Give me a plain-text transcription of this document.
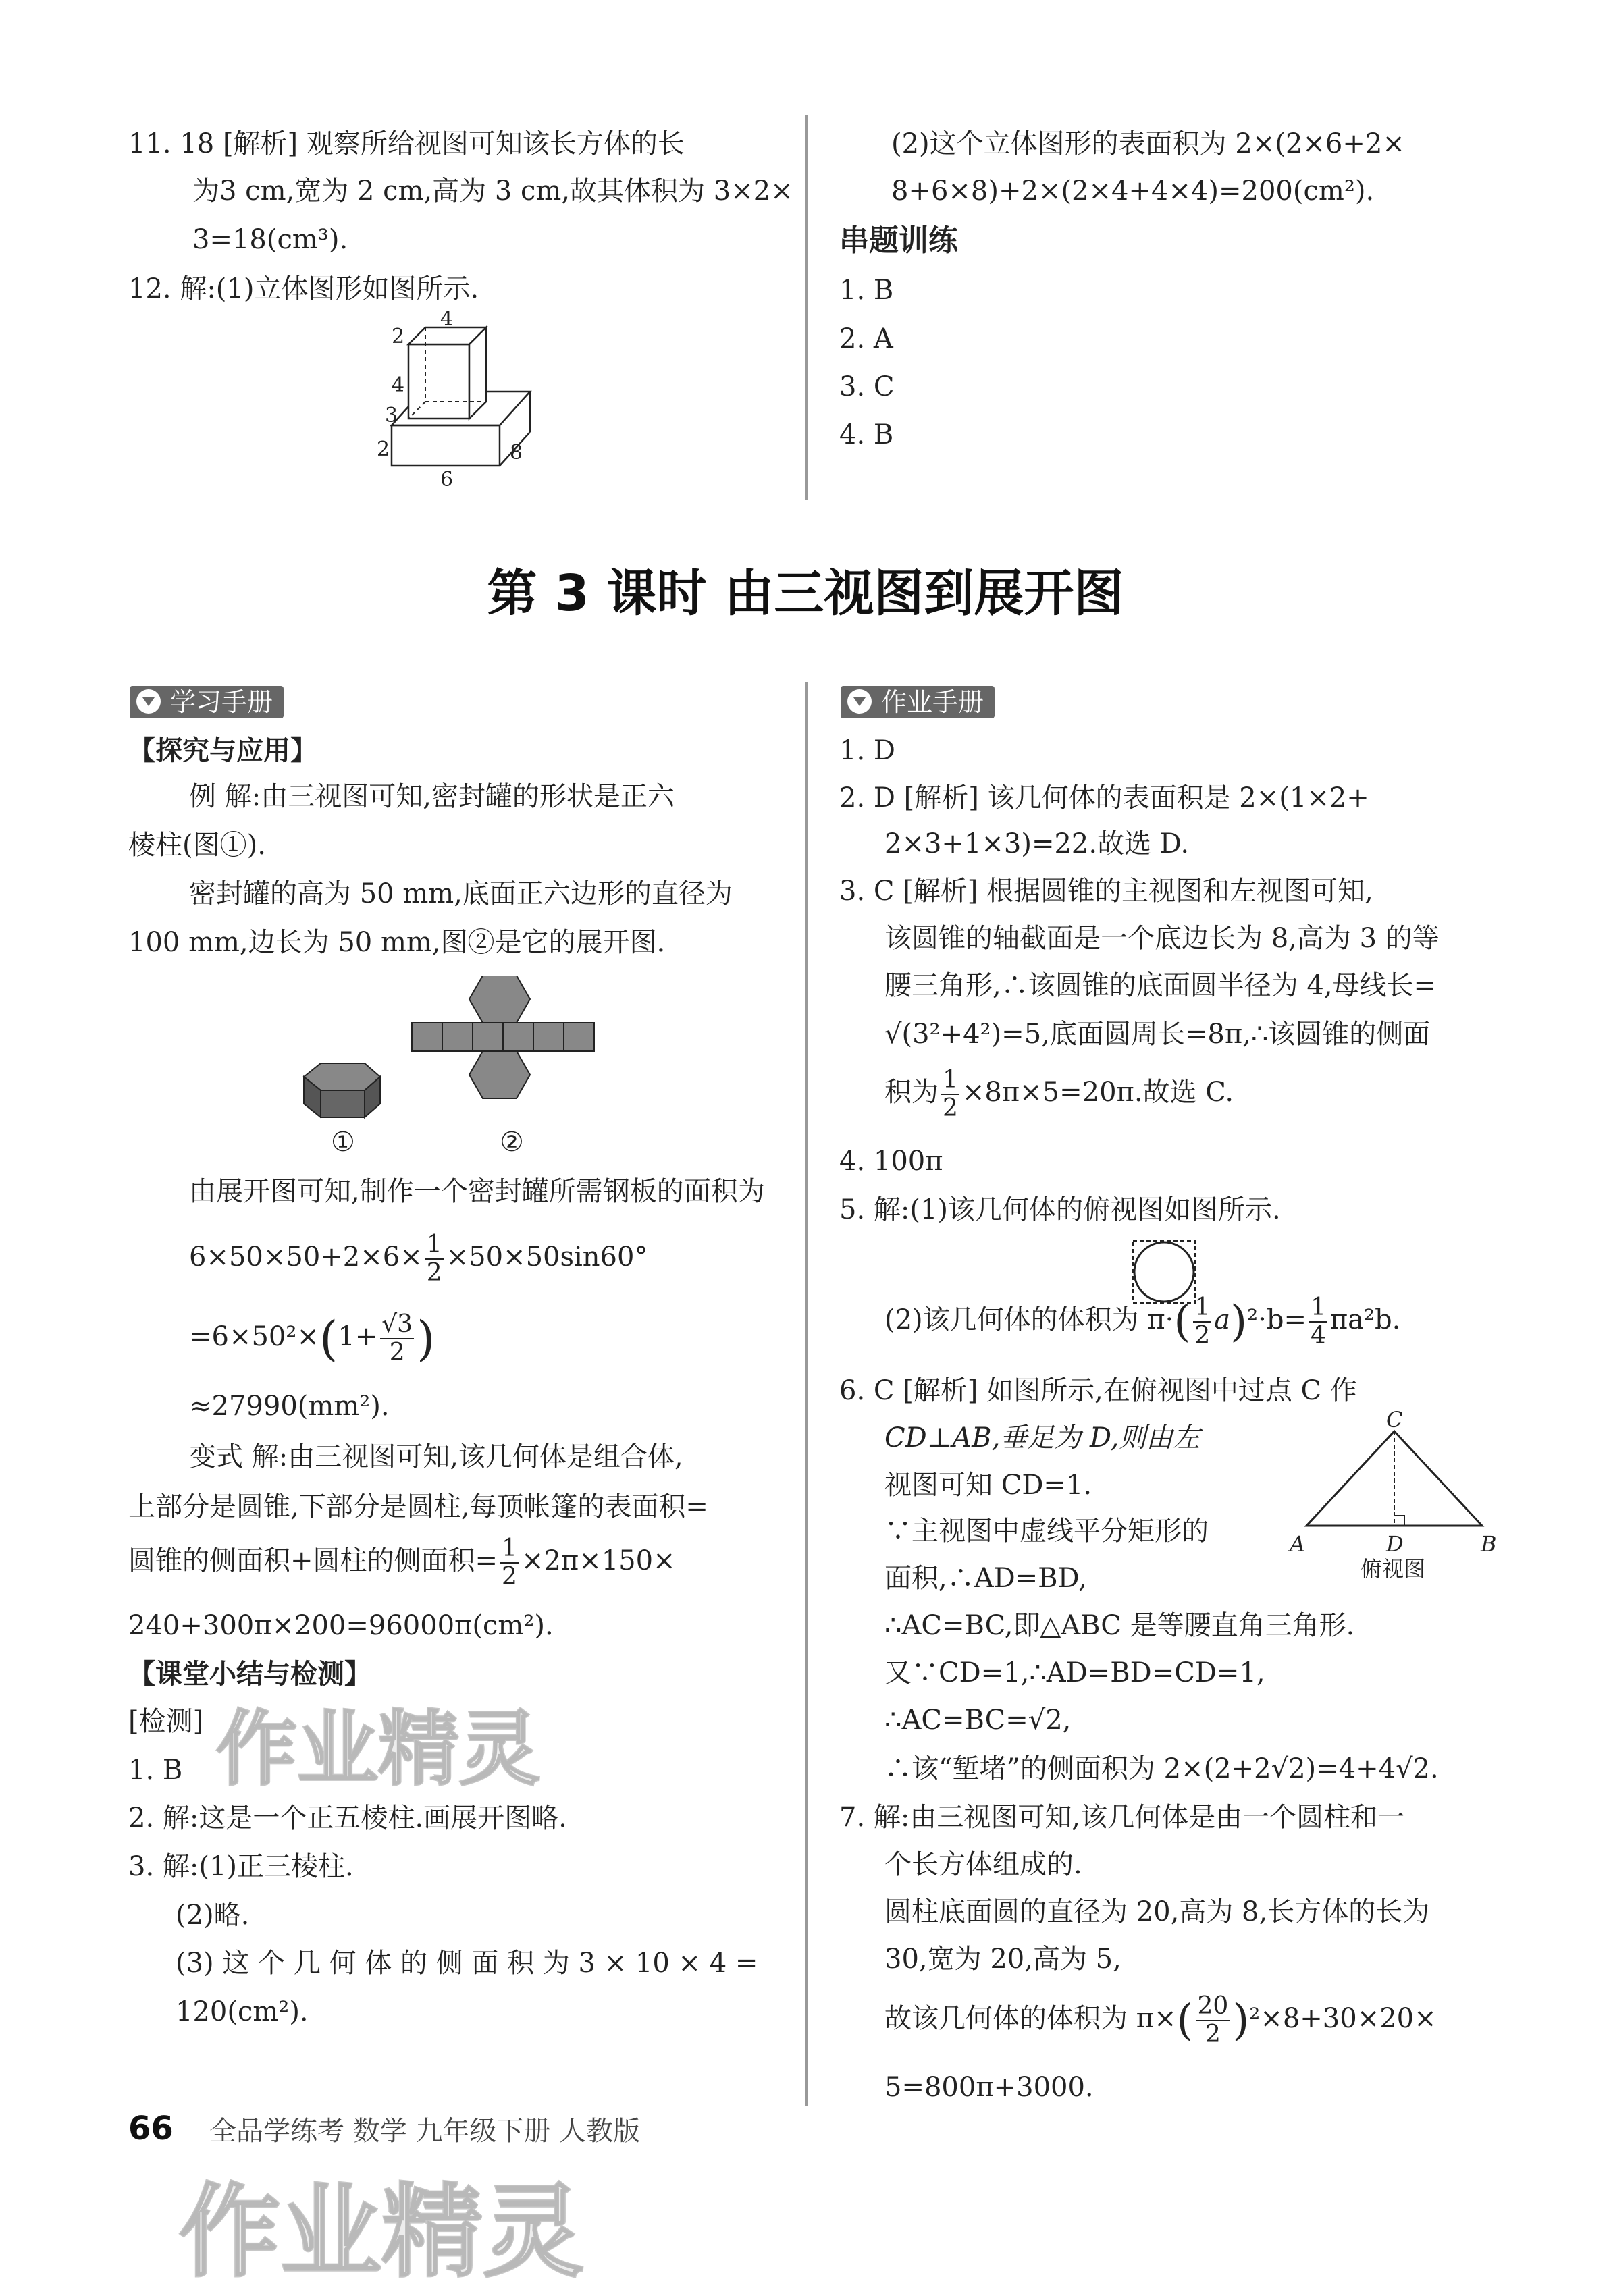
11. 18 [解析] 观察所给视图可知该长方体的长
为3 cm,宽为 2 cm,高为 3 cm,故其体积为 3×2×
3=18(cm³).
12. 解:(1)立体图形如图所示.
4
2
4
3
2	8
6
(2)这个立体图形的表面积为 2×(2×6+2×
8+6×8)+2×(2×4+4×4)=200(cm²).
串题训练
1. B
2. A
3. C
4. B
第 3 课时 由三视图到展开图
学习手册
【探究与应用】
例 解:由三视图可知,密封罐的形状是正六
棱柱(图①).
密封罐的高为 50 mm,底面正六边形的直径为
100 mm,边长为 50 mm,图②是它的展开图.
①	②
由展开图可知,制作一个密封罐所需钢板的面积为
$6\times 50\times 50+2\times 6\times \frac{1}{2} \times 50\times 50\sin 60^\circ$
$=6\times 50^2\times(1+ \frac{√3}{2}$ )
≈27990(mm²).
变式 解:由三视图可知,该几何体是组合体,
上部分是圆锥,下部分是圆柱,每顶帐篷的表面积=
圆锥的侧面积+圆柱的侧面积= $\frac{1}{2} \times 2\pi\times 150\times$
240+300π×200=96000π(cm²).
【课堂小结与检测】
[检测]
1. B
2. 解:这是一个正五棱柱.画展开图略.
3. 解:(1)正三棱柱.
(2)略.
(3) 这 个 几 何 体 的 侧 面 积 为 3 × 10 × 4 =
120(cm²).
作业手册
1. D
2. D [解析] 该几何体的表面积是 2×(1×2+
2×3+1×3)=22.故选 D.
3. C [解析] 根据圆锥的主视图和左视图可知,
该圆锥的轴截面是一个底边长为 8,高为 3 的等
腰三角形,∴该圆锥的底面圆半径为 4,母线长=
√(3²+4²)=5,底面圆周长=8π,∴该圆锥的侧面
积为 $\frac{1}{2} \times 8\pi\times 5=20\pi$.故选 C.
4. 100π
5. 解:(1)该几何体的俯视图如图所示.
(2)该几何体的体积为 $\pi\cdot( \frac{1}{2} a)^2\cdot b= \frac{1}{4} \pi a^2b$.
6. C [解析] 如图所示,在俯视图中过点 C 作
CD⊥AB,垂足为 D,则由左
视图可知 CD=1.
∵主视图中虚线平分矩形的
面积,∴AD=BD,
C
A	D	B
俯视图
∴AC=BC,即△ABC 是等腰直角三角形.
又∵CD=1,∴AD=BD=CD=1,
∴AC=BC=√2,
∴该“堑堵”的侧面积为 2×(2+2√2)=4+4√2.
7. 解:由三视图可知,该几何体是由一个圆柱和一
个长方体组成的.
圆柱底面圆的直径为 20,高为 8,长方体的长为
30,宽为 20,高为 5,
故该几何体的体积为 $\pi\times( \frac{20}{2} )^2\times 8+30\times 20\times$
5=800π+3000.
作业精灵
作业精灵
66 全品学练考 数学 九年级下册 人教版
